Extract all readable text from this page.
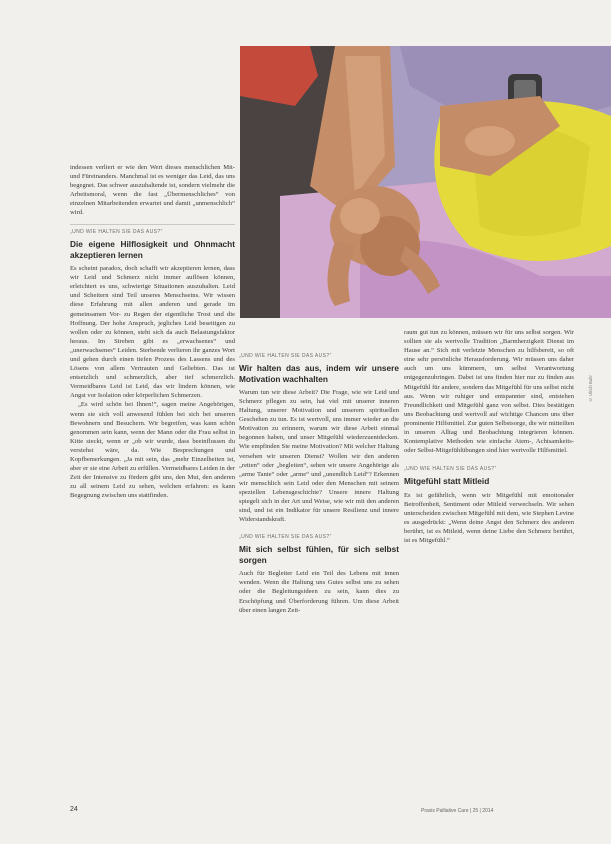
indessen verliert er wie den Wert dieses menschlichen Mit- und Füreinanders. Manchmal ist es weniger das Leid, das uns begegnet. Das schwer auszuhaltende ist, sondern vielmehr die Arbeitsmoral, wenn die fast „Übermenschliches“ von einzelnen Mitarbeitenden erwartet und damit „unmenschlich“ wird.

„UND WIE HALTEN SIE DAS AUS?“
Die eigene Hilflosigkeit und Ohnmacht akzeptieren lernen

Es scheint paradox, doch schafft wir akzeptieren lernen, dass wir Leid und Schmerz nicht immer auflösen können, erleichtert es uns, schwierige Situationen auszuhalten. Leid und Scheitern sind Teil unseres Menschseins. Wir wissen diese Erfahrung mit allen anderen und gerade im gemeinsamen Vor- zu Regen der eigentliche Trost und die Hoffnung. Der hohe Anspruch, jegliches Leid beseitigen zu wollen oder zu können, steht sich da auch Belastungsfaktor heraus. Im Streben gibt es „erwachsenes“ und „unerwachsenes“ Leiden. Sterbende verlieren ihr ganzes Wort und gehen durch einen tiefen Prozess des Lassens und des Lösens von allem Vertrauten und Geliebten. Das ist entsetzlich und schmerzlich, aber tief schmerzlich. Vermeidbares Leid ist Leid, das wir lindern können, wie Angst vor Isolation oder körperlichen Schmerzen.

„Es wird schön bei Ihnen!“, sagen meine Angehörigen, wenn sie sich voll anwesend fühlen bei sich bei unseren Bewohnern und Besuchern. Wir begreifen, was kann schön genommen sein kann, wenn der Mann oder die Frau selbst in Kitte steckt, wenn er „ob wir wurde, dass beeinflussen du verstehst wäre, da. Wie Besprechungen und Kopfbemerkungen. „Ja mit sein, das „mehr Einzelheiten ist, aber er sie eine Arbeit zu erfüllen. Vermeidbares Leiden in der Zeit der Intensive zu fördern gibt uns, den Mut, den anderen zu all seinem Leid zu sehen, welchen erfahren: es kann Begegnung zwischen uns stattfinden.

„UND WIE HALTEN SIE DAS AUS?“
Wir halten das aus, indem wir unsere Motivation wachhalten

Warum tun wir diese Arbeit? Die Frage, wie wir Leid und Schmerz pflegen zu sein, hat viel mit unserer inneren Haltung, unserer Motivation und unserem spirituellen Geschehen zu tun. Es ist wertvoll, uns immer wieder an die Motivation zu erinnern, warum wir diese Arbeit einmal begonnen haben, und unser Mitgefühl wiederzuentdecken. Wie empfinden Sie meine Motivation? Mit welcher Haltung versehen wir unseren Dienst? Wollen wir den anderen „retten“ oder „begleiten“, sehen wir unsere Angehörige als „arme Tante“ oder „arme“ und „unendlich Leid“? Erkennen wir menschlich sein Leid oder den Menschen mit seinem speziellen Lebensgeschichte? Unsere innere Haltung spiegelt sich in der Art und Weise, wie wir mit den anderen sind, und ist ein Indikator für unsere Resilienz und innere Widerstandskraft.

„UND WIE HALTEN SIE DAS AUS?“
Mit sich selbst fühlen, für sich selbst sorgen

Auch für Begleiter Leid ein Teil des Lebens mit innen wenden. Wenn die Haltung uns Gutes selbst uns zu sehen oder die Begleitungsideen zu sein, kann dies zu Erschöpfung und Überforderung führen. Um diese Arbeit über einen langen Zeit-

raum gut tun zu können, müssen wir für uns selbst sorgen. Wir sollten sie als wertvolle Tradition „Barmherzigkeit Dienst im Hause an.“ Sich mit verletzte Menschen zu hilfsbereit, so oft eine sehr persönliche Herausforderung. Wir müssen uns daher auch um uns kümmern, um selbst Verantwortung entgegenzubringen. Dabei ist uns finden hier nur zu finden aus Mitgefühl für andere, sondern das Mitgefühl für uns selbst nicht aus. Wenn wir ruhiger und entspannter sind, entstehen Freundlichkeit und Mitgefühl ganz von selbst. Dies bestätigen uns Beobachtung und wertvoll auf wichtige Chancen uns über prominente Hilfsmittel. Zur guten Selbstsorge, die wir mitteilten in unseren Alltag und Beobachtung integrieren können. Kontemplative Methoden wie einfache Atem-, Achtsamkeits- oder Selbst-Mitgefühlübungen sind hier wertvolle Hilfsmittel.

„UND WIE HALTEN SIE DAS AUS?“
Mitgefühl statt Mitleid

Es ist gefährlich, wenn wir Mitgefühl mit emotionaler Betroffenheit, Sentiment oder Mitleid verwechseln. Wir sehen unterscheiden zwischen Mitgefühl mit dem, wie Stephen Levine es ausgedrückt: „Wenn deine Angst den Schmerz des anderen berührt, ist es Mitleid, wenn deine Liebe den Schmerz berührt, ist es Mitgefühl.“

© Ulrich Buhr
24	Praxis Palliative Care | 25 | 2014
